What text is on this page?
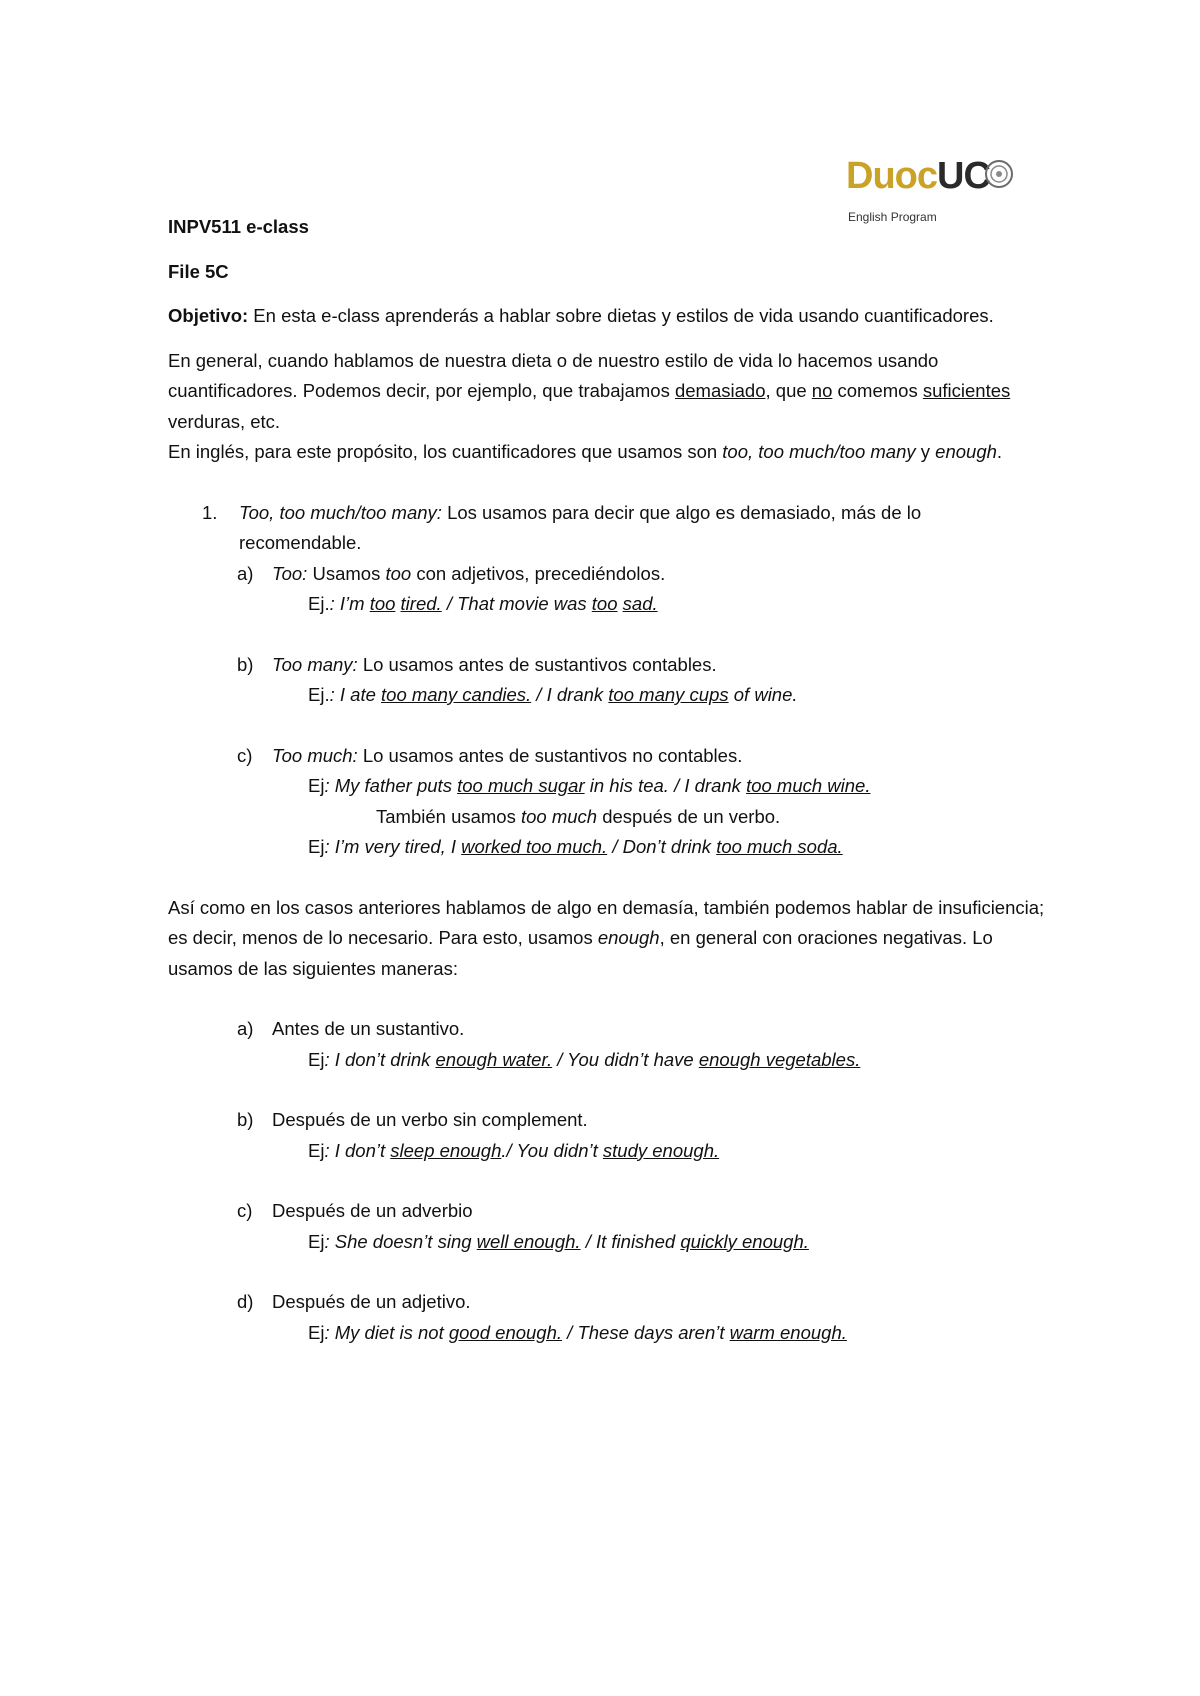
DuocUC
English Program

INPV511 e-class

File 5C

Objetivo: En esta e-class aprenderás a hablar sobre dietas y estilos de vida usando cuantificadores.

En general, cuando hablamos de nuestra dieta o de nuestro estilo de vida lo hacemos usando cuantificadores. Podemos decir, por ejemplo, que trabajamos demasiado, que no comemos suficientes verduras, etc.

En inglés, para este propósito, los cuantificadores que usamos son too, too much/too many y enough.

1. Too, too much/too many: Los usamos para decir que algo es demasiado, más de lo recomendable.

a) Too: Usamos too con adjetivos, precediéndolos.

Ej.: I’m too tired. / That movie was too sad.

b) Too many: Lo usamos antes de sustantivos contables.

Ej.: I ate too many candies. / I drank too many cups of wine.

c) Too much: Lo usamos antes de sustantivos no contables.

Ej: My father puts too much sugar in his tea. / I drank too much wine.

También usamos too much después de un verbo.

Ej: I’m very tired, I worked too much. / Don’t drink too much soda.

Así como en los casos anteriores hablamos de algo en demasía, también podemos hablar de insuficiencia; es decir, menos de lo necesario. Para esto, usamos enough, en general con oraciones negativas. Lo usamos de las siguientes maneras:

a) Antes de un sustantivo.

Ej: I don’t drink enough water. / You didn’t have enough vegetables.

b) Después de un verbo sin complement.

Ej: I don’t sleep enough./ You didn’t study enough.

c) Después de un adverbio

Ej: She doesn’t sing well enough. / It finished quickly enough.

d) Después de un adjetivo.

Ej: My diet is not good enough. / These days aren’t warm enough.
